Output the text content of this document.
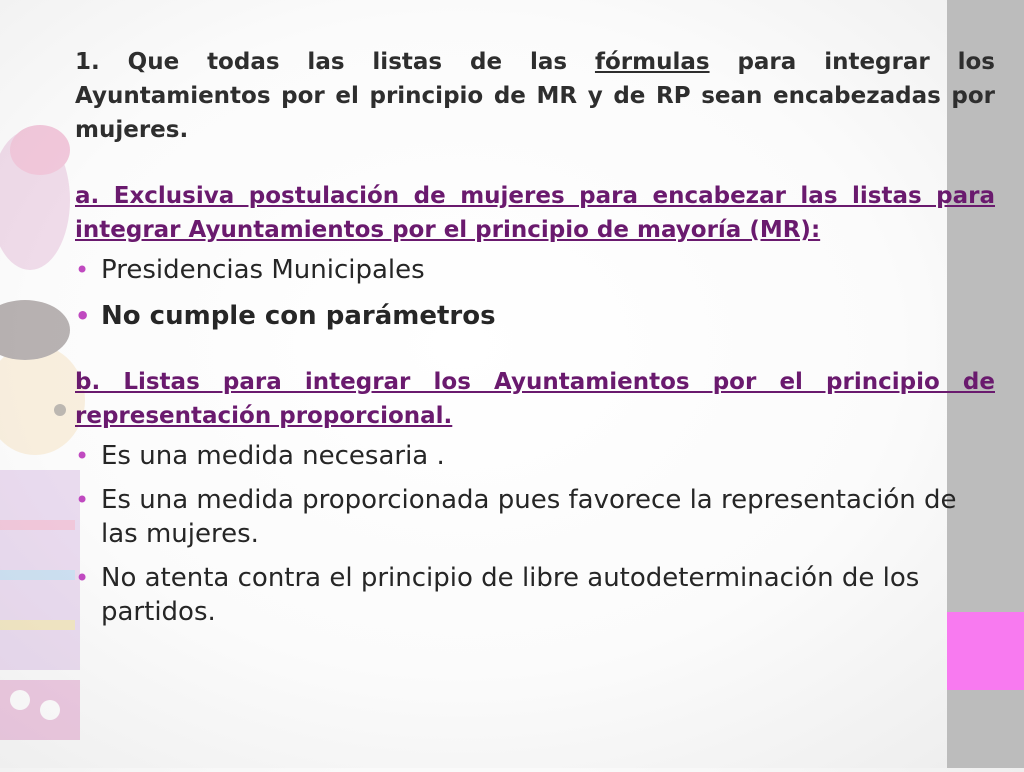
1. Que todas las listas de las fórmulas para integrar los Ayuntamientos por el principio de MR y de RP sean encabezadas por mujeres.

a. Exclusiva postulación de mujeres para encabezar las listas para integrar Ayuntamientos por el principio de mayoría (MR):

• Presidencias Municipales
• No cumple con parámetros

b. Listas para integrar los Ayuntamientos por el principio de representación proporcional.

• Es una medida necesaria .
• Es una medida proporcionada pues favorece la representación de las mujeres.
• No atenta contra el principio de libre autodeterminación de los partidos.
